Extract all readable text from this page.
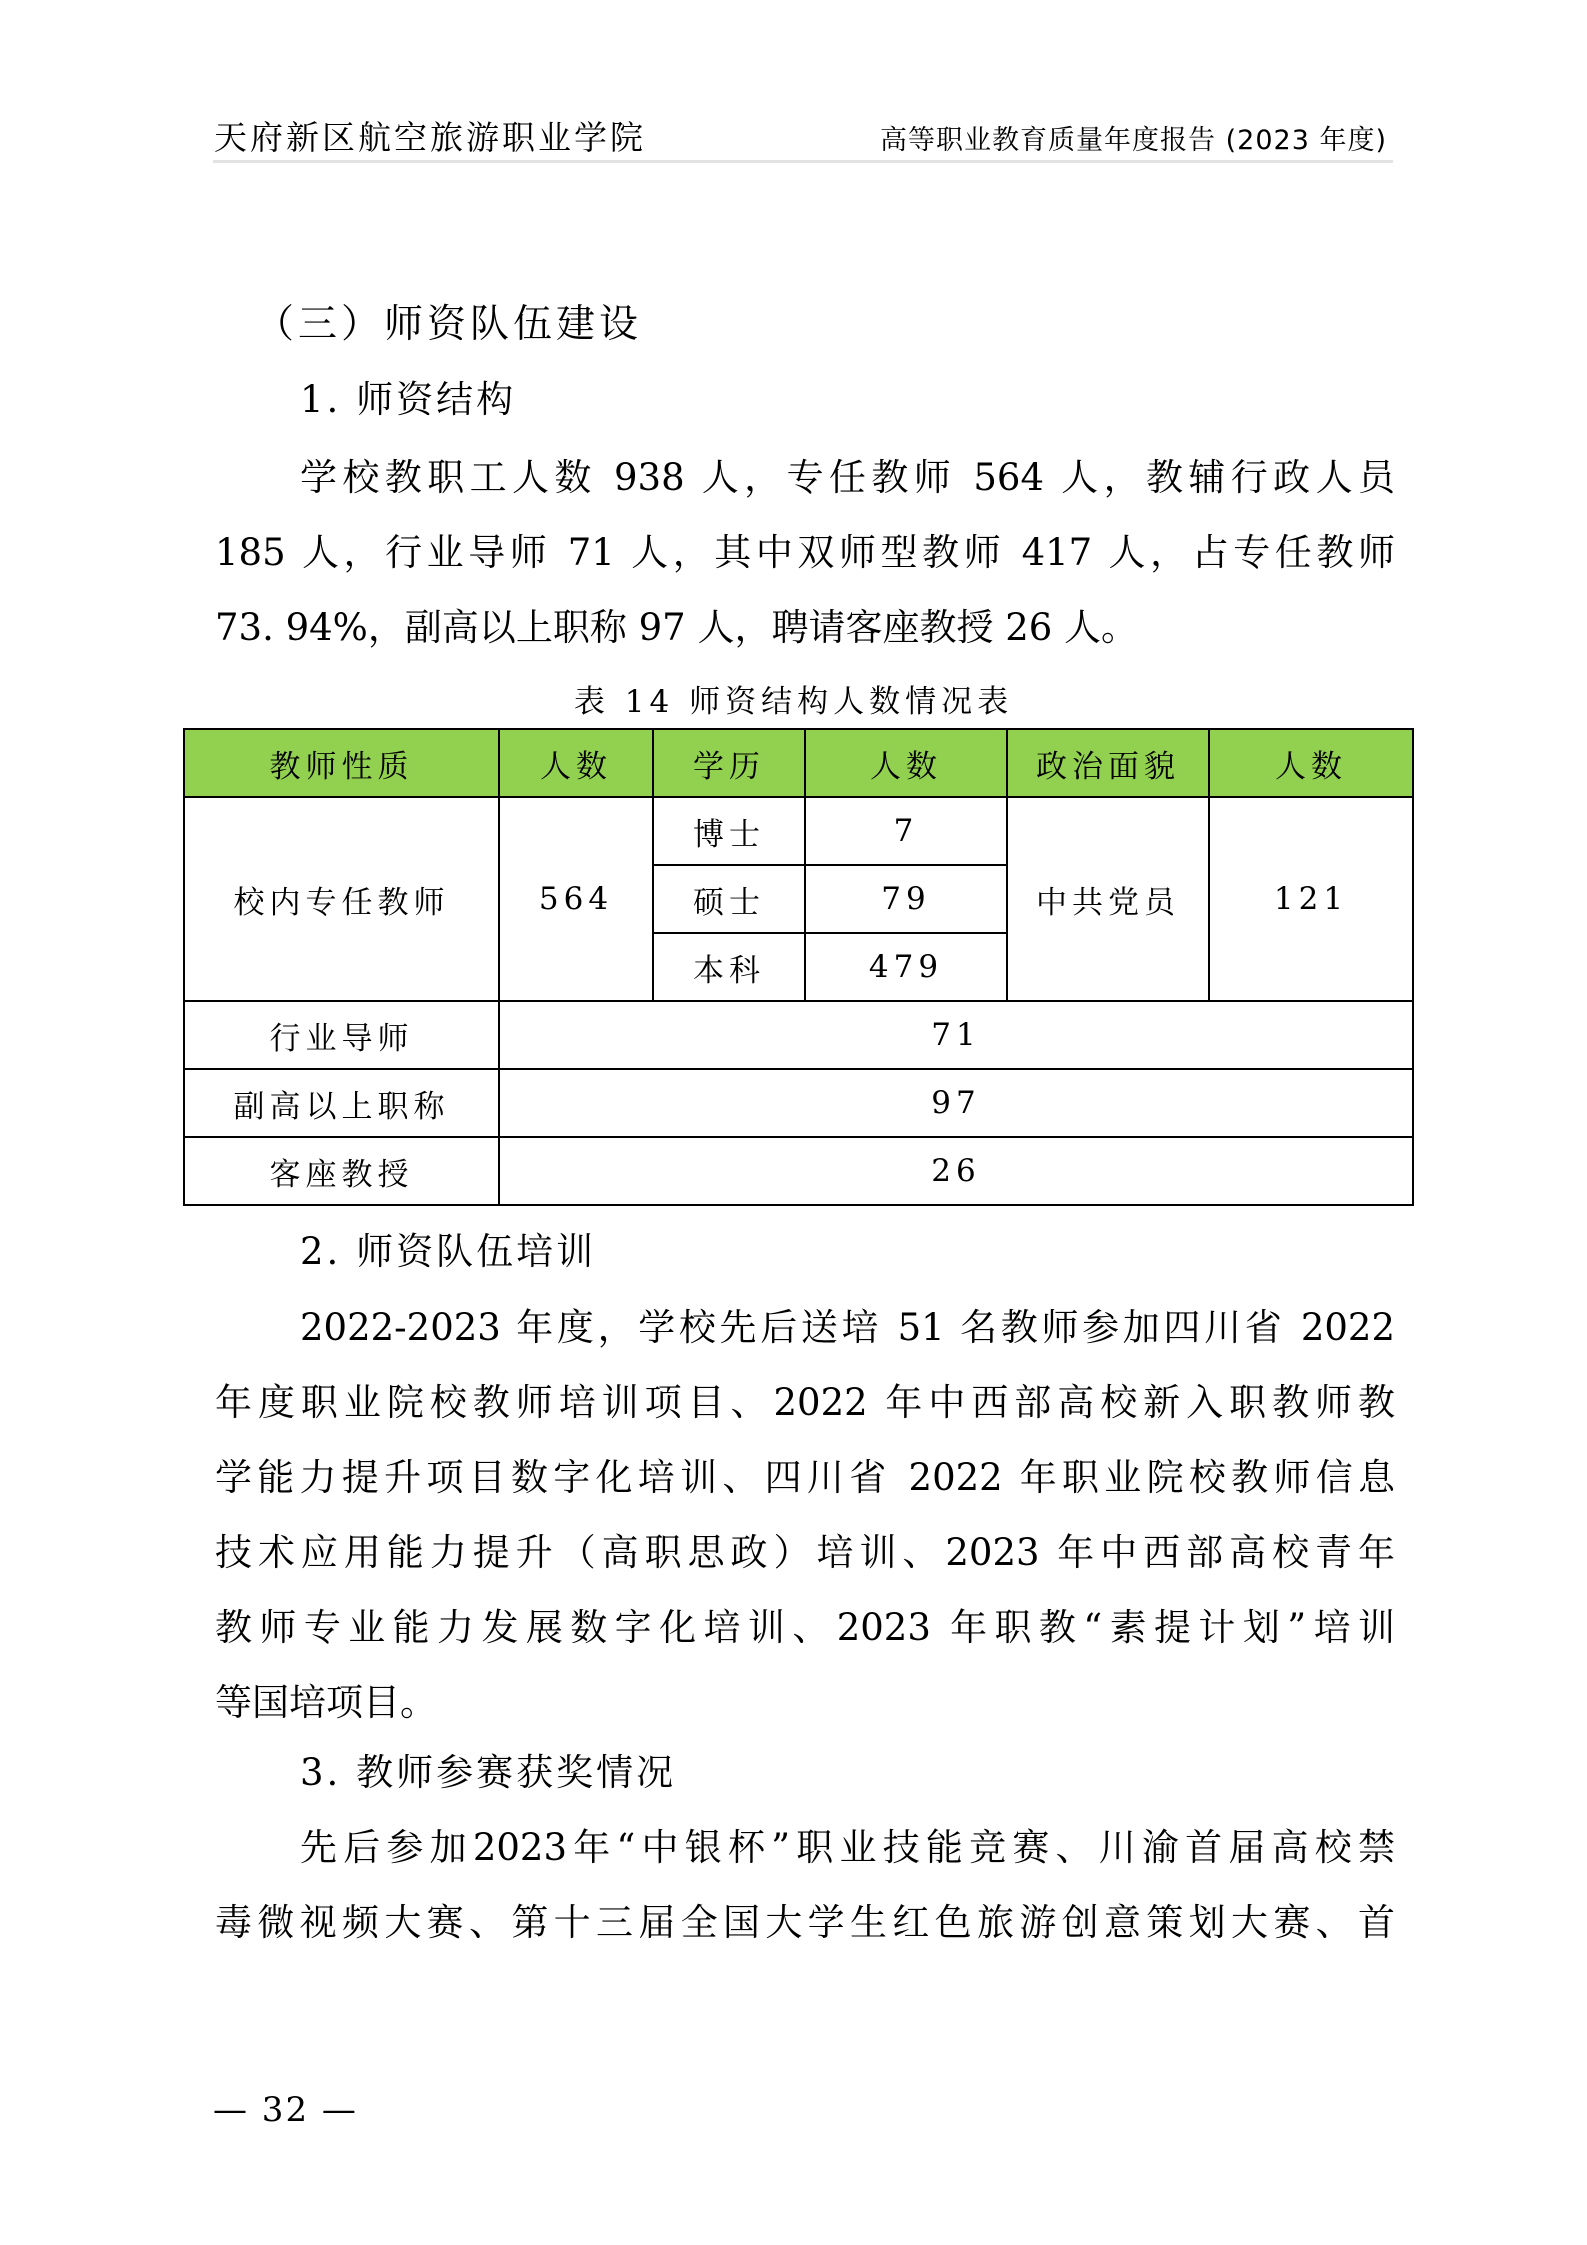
天府新区航空旅游职业学院	高等职业教育质量年度报告 (2023 年度)
（三）师资队伍建设
1. 师资结构
学校教职工人数 938 人，专任教师 564 人，教辅行政人员
185 人，行业导师 71 人，其中双师型教师 417 人，占专任教师
73. 94%，副高以上职称 97 人，聘请客座教授 26 人。
表 14 师资结构人数情况表
教师性质	人数	学历	人数	政治面貌	人数
校内专任教师	564	博士	7	中共党员	121
		硕士	79		
		本科	479		
行业导师	71				
副高以上职称	97				
客座教授	26				
2. 师资队伍培训
2022-2023 年度，学校先后送培 51 名教师参加四川省 2022
年度职业院校教师培训项目、2022 年中西部高校新入职教师教
学能力提升项目数字化培训、四川省 2022 年职业院校教师信息
技术应用能力提升（高职思政）培训、2023 年中西部高校青年
教师专业能力发展数字化培训、2023 年职教“素提计划”培训
等国培项目。
3. 教师参赛获奖情况
先后参加2023年“中银杯”职业技能竞赛、川渝首届高校禁
毒微视频大赛、第十三届全国大学生红色旅游创意策划大赛、首
— 32 —
